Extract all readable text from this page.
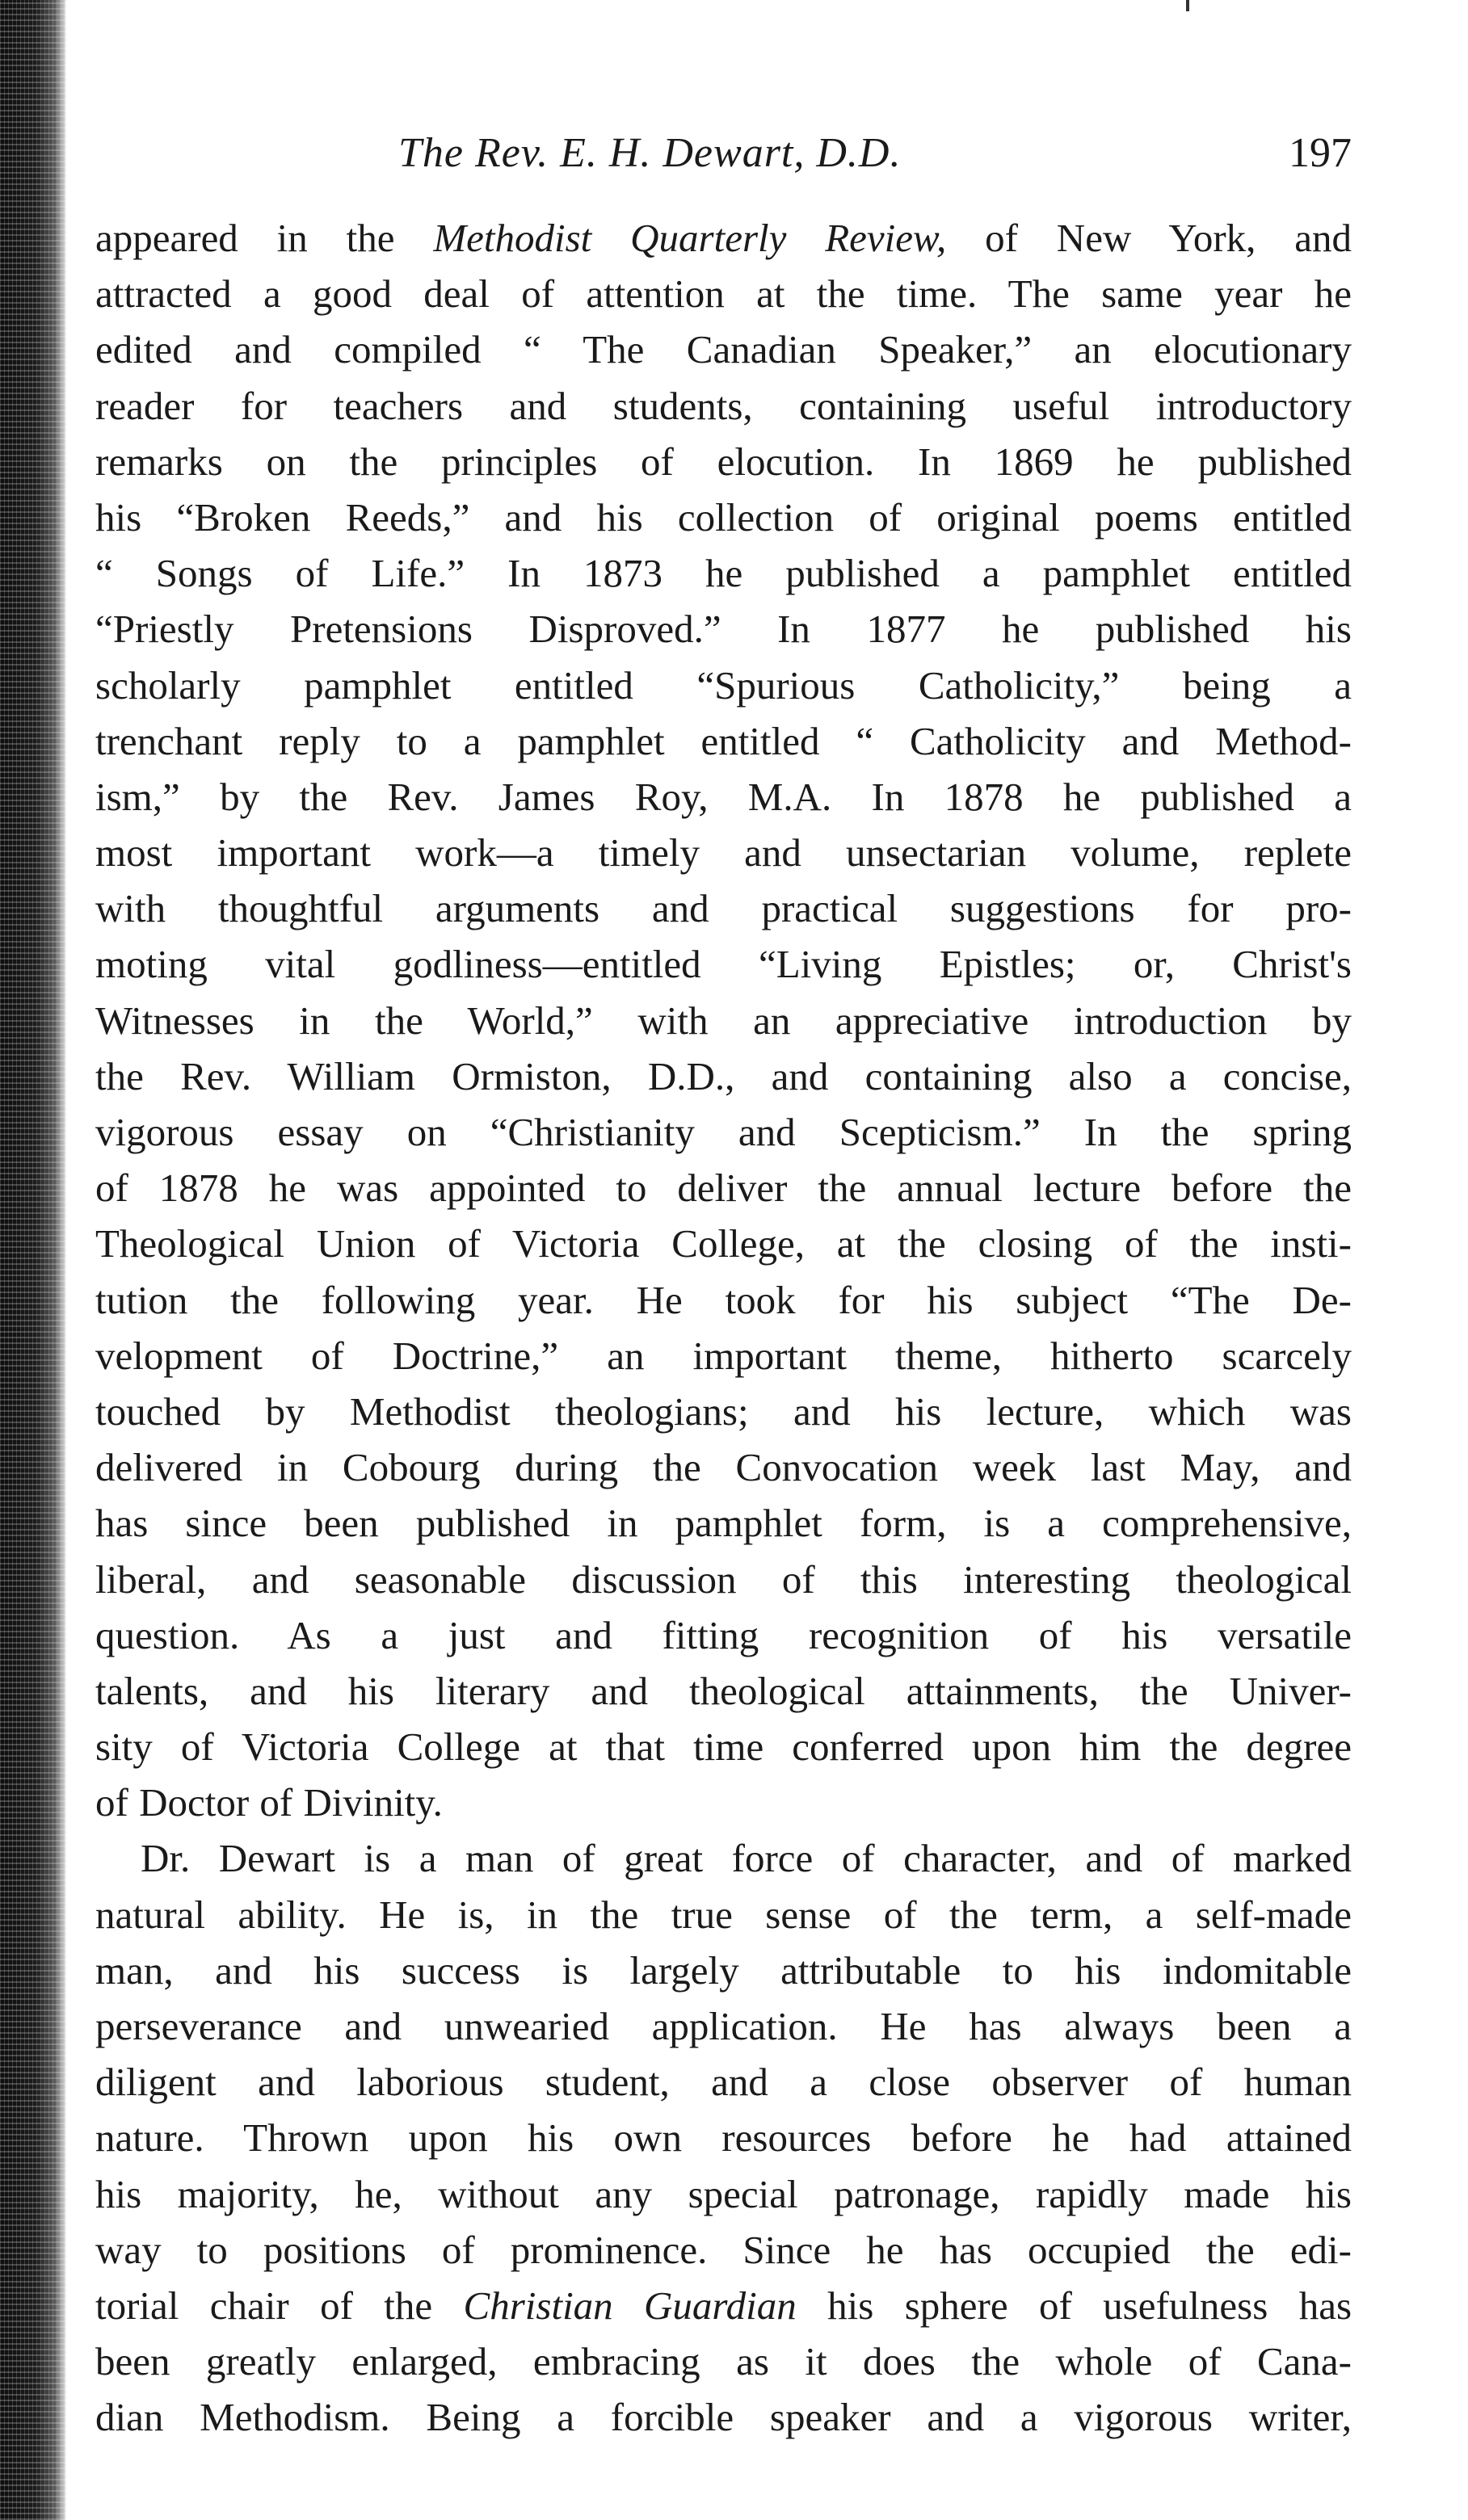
The Rev. E. H. Dewart, D.D.	197
appeared in the Methodist Quarterly Review, of New York, and
attracted a good deal of attention at the time. The same year he
edited and compiled “ The Canadian Speaker,” an elocutionary
reader for teachers and students, containing useful introductory
remarks on the principles of elocution. In 1869 he published
his “Broken Reeds,” and his collection of original poems entitled
“ Songs of Life.” In 1873 he published a pamphlet entitled
“Priestly Pretensions Disproved.” In 1877 he published his
scholarly pamphlet entitled “Spurious Catholicity,” being a
trenchant reply to a pamphlet entitled “ Catholicity and Method-
ism,” by the Rev. James Roy, M.A. In 1878 he published a
most important work—a timely and unsectarian volume, replete
with thoughtful arguments and practical suggestions for pro-
moting vital godliness—entitled “Living Epistles; or, Christ's
Witnesses in the World,” with an appreciative introduction by
the Rev. William Ormiston, D.D., and containing also a concise,
vigorous essay on “Christianity and Scepticism.” In the spring
of 1878 he was appointed to deliver the annual lecture before the
Theological Union of Victoria College, at the closing of the insti-
tution the following year. He took for his subject “The De-
velopment of Doctrine,” an important theme, hitherto scarcely
touched by Methodist theologians; and his lecture, which was
delivered in Cobourg during the Convocation week last May, and
has since been published in pamphlet form, is a comprehensive,
liberal, and seasonable discussion of this interesting theological
question. As a just and fitting recognition of his versatile
talents, and his literary and theological attainments, the Univer-
sity of Victoria College at that time conferred upon him the degree
of Doctor of Divinity.
Dr. Dewart is a man of great force of character, and of marked
natural ability. He is, in the true sense of the term, a self-made
man, and his success is largely attributable to his indomitable
perseverance and unwearied application. He has always been a
diligent and laborious student, and a close observer of human
nature. Thrown upon his own resources before he had attained
his majority, he, without any special patronage, rapidly made his
way to positions of prominence. Since he has occupied the edi-
torial chair of the Christian Guardian his sphere of usefulness has
been greatly enlarged, embracing as it does the whole of Cana-
dian Methodism. Being a forcible speaker and a vigorous writer,
